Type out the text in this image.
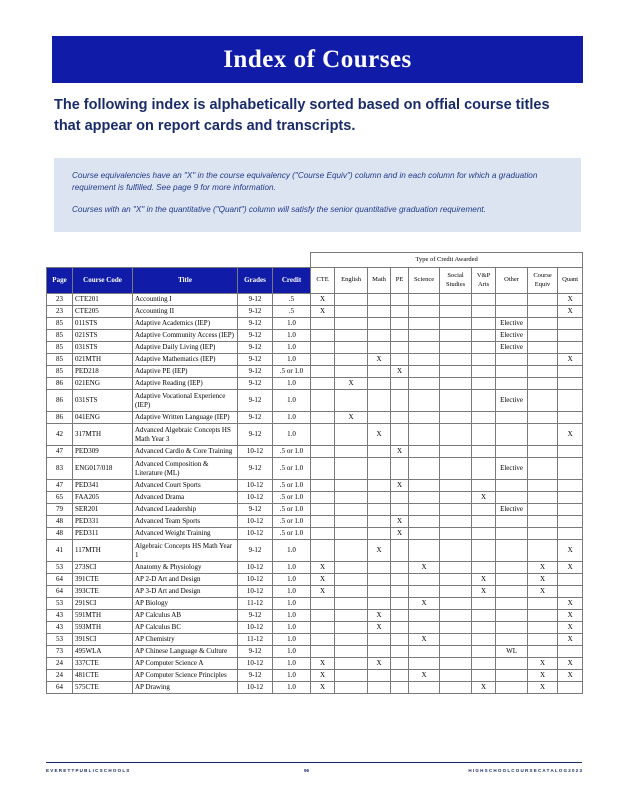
Index of Courses
The following index is alphabetically sorted based on offial course titles that appear on report cards and transcripts.

Course equivalencies have an "X" in the course equivalency ("Course Equiv") column and in each column for which a graduation requirement is fulfilled. See page 9 for more information.

Courses with an "X" in the quantitative ("Quant") column will satisfy the senior quantitative graduation requirement.

					Type of Credit Awarded									
Page	Course Code	Title	Grades	Credit	CTE	English	Math	PE	Science	Social Studies	V&P Arts	Other	Course Equiv	Quant
23	CTE201	Accounting I	9-12	.5	X									X
23	CTE205	Accounting II	9-12	.5	X									X
85	011STS	Adaptive Academics (IEP)	9-12	1.0								Elective		
85	021STS	Adaptive Community Access (IEP)	9-12	1.0								Elective		
85	031STS	Adaptive Daily Living (IEP)	9-12	1.0								Elective		
85	021MTH	Adaptive Mathematics (IEP)	9-12	1.0			X							X
85	PED218	Adaptive PE (IEP)	9-12	.5 or 1.0				X						
86	021ENG	Adaptive Reading (IEP)	9-12	1.0		X								
86	031STS	Adaptive Vocational Experience (IEP)	9-12	1.0								Elective		
86	041ENG	Adaptive Written Language (IEP)	9-12	1.0		X								
42	317MTH	Advanced Algebraic Concepts HS Math Year 3	9-12	1.0			X							X
47	PED309	Advanced Cardio & Core Training	10-12	.5 or 1.0				X						
83	ENG017/018	Advanced Composition & Literature (ML)	9-12	.5 or 1.0								Elective		
47	PED341	Advanced Court Sports	10-12	.5 or 1.0				X						
65	FAA205	Advanced Drama	10-12	.5 or 1.0							X			
79	SER201	Advanced Leadership	9-12	.5 or 1.0								Elective		
48	PED331	Advanced Team Sports	10-12	.5 or 1.0				X						
48	PED311	Advanced Weight Training	10-12	.5 or 1.0				X						
41	117MTH	Algebraic Concepts HS Math Year 1	9-12	1.0			X							X
53	273SCI	Anatomy & Physiology	10-12	1.0	X				X				X	X
64	391CTE	AP 2-D Art and Design	10-12	1.0	X						X		X	
64	393CTE	AP 3-D Art and Design	10-12	1.0	X						X		X	
53	291SCI	AP Biology	11-12	1.0					X					X
43	591MTH	AP Calculus AB	9-12	1.0			X							X
43	593MTH	AP Calculus BC	10-12	1.0			X							X
53	391SCI	AP Chemistry	11-12	1.0					X					X
73	495WLA	AP Chinese Language & Culture	9-12	1.0								WL		
24	337CTE	AP Computer Science A	10-12	1.0	X		X						X	X
24	481CTE	AP Computer Science Principles	9-12	1.0	X				X				X	X
64	575CTE	AP Drawing	10-12	1.0	X						X		X	
E V E R E T T P U B L I C S C H O O L S	96	H I G H S C H O O L C O U R S E C A T A L O G 2 0 2 3
